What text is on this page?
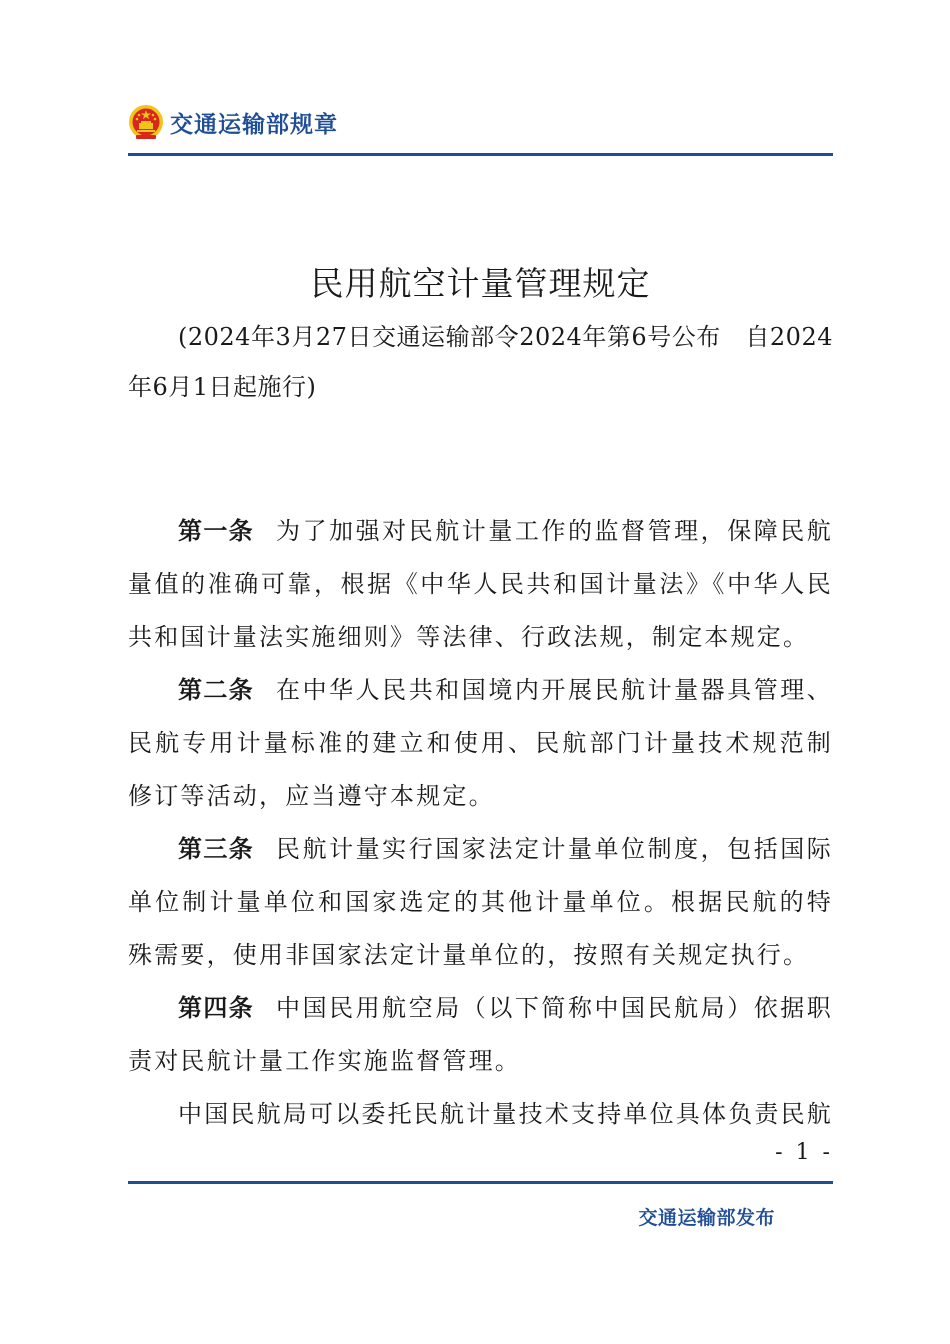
交通运输部规章
民用航空计量管理规定
(2024年3月27日交通运输部令2024年第6号公布　自2024年6月1日起施行)

第一条 为了加强对民航计量工作的监督管理，保障民航量值的准确可靠，根据《中华人民共和国计量法》《中华人民共和国计量法实施细则》等法律、行政法规，制定本规定。

第二条 在中华人民共和国境内开展民航计量器具管理、民航专用计量标准的建立和使用、民航部门计量技术规范制修订等活动，应当遵守本规定。

第三条 民航计量实行国家法定计量单位制度，包括国际单位制计量单位和国家选定的其他计量单位。根据民航的特殊需要，使用非国家法定计量单位的，按照有关规定执行。

第四条 中国民用航空局（以下简称中国民航局）依据职责对民航计量工作实施监督管理。

中国民航局可以委托民航计量技术支持单位具体负责民航

- 1 -
交通运输部发布
